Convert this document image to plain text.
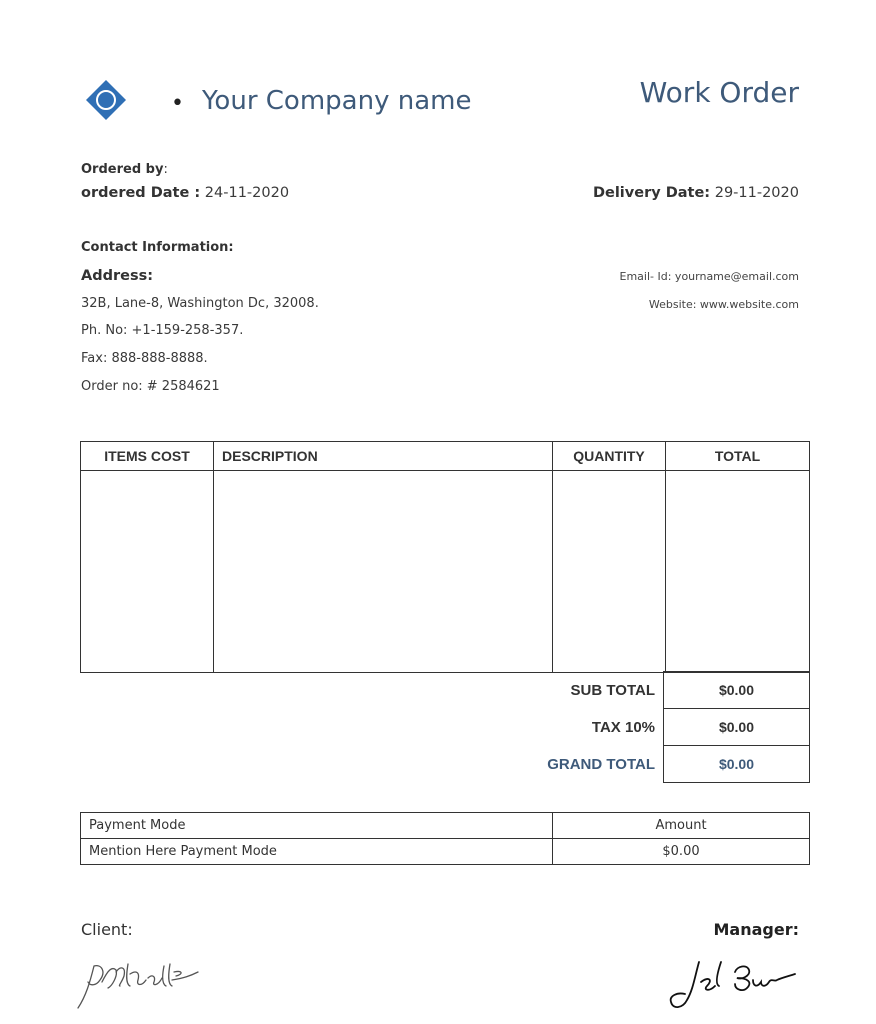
• Your Company name	Work Order
Ordered by:
ordered Date : 24-11-2020	Delivery Date: 29-11-2020
Contact Information:
Address:
32B, Lane-8, Washington Dc, 32008.
Ph. No: +1-159-258-357.
Fax: 888-888-8888.
Order no: # 2584621
Email- Id: yourname@email.com
Website: www.website.com
ITEMS COST	DESCRIPTION	QUANTITY	TOTAL

SUB TOTAL	$0.00
TAX 10%	$0.00
GRAND TOTAL	$0.00
Payment Mode	Amount
Mention Here Payment Mode	$0.00
Client:	Manager:
